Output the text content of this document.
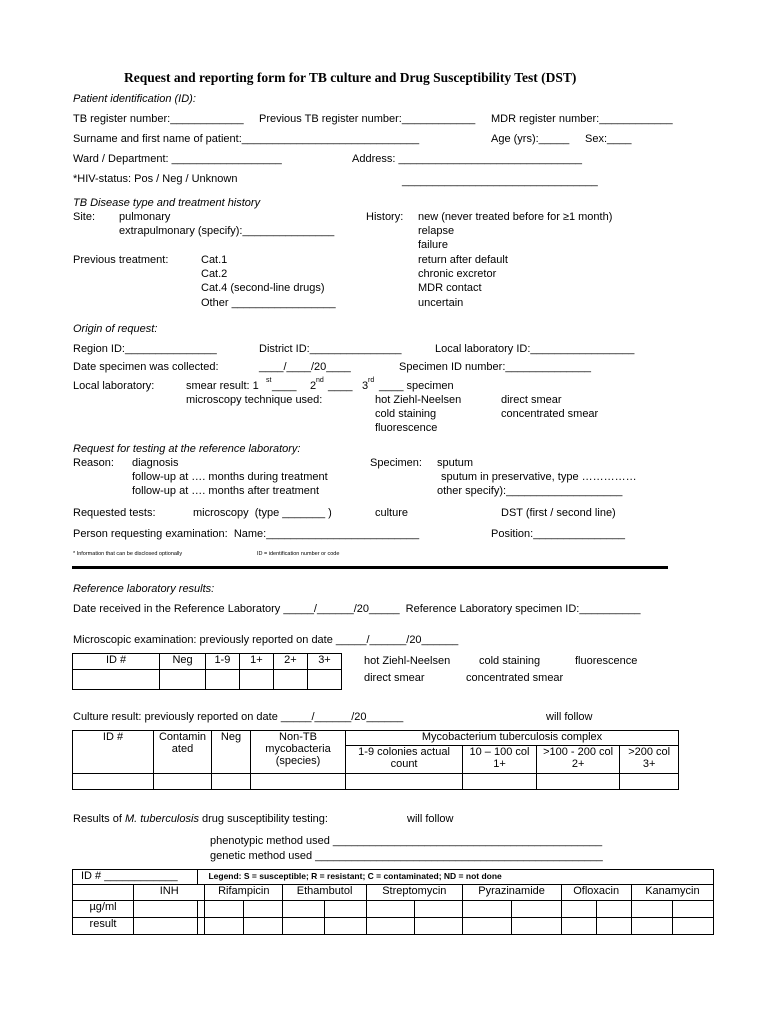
Request and reporting form for TB culture and Drug Susceptibility Test (DST)
Patient identification (ID):
TB register number:____________ Previous TB register number:____________ MDR register number:____________
Surname and first name of patient:_____________________________	Age (yrs):_____ Sex:____
Ward / Department: __________________	Address: ______________________________
*HIV-status: Pos / Neg / Unknown	________________________________
TB Disease type and treatment history
Site: pulmonary
extrapulmonary (specify):_______________
History: new (never treated before for ≥1 month)
relapse
failure
return after default
chronic excretor
MDR contact
uncertain
Previous treatment:	Cat.1
Cat.2
Cat.4 (second-line drugs)
Other _________________
Origin of request:
Region ID:_______________	District ID:_______________	Local laboratory ID:_________________
Date specimen was collected:	____/____/20____	Specimen ID number:______________
Local laboratory:	smear result: 1 st ____ 2 nd ____ 3 rd ____ specimen
microscopy technique used:	hot Ziehl-Neelsen
cold staining
fluorescence
direct smear
concentrated smear
Request for testing at the reference laboratory:
Reason: diagnosis
follow-up at …. months during treatment
follow-up at …. months after treatment
Specimen: sputum
sputum in preservative, type ……………
other specify):___________________
Requested tests:	microscopy  (type _______ )	culture	DST (first / second line)
Person requesting examination:  Name:_________________________	Position:_______________
* Information that can be disclosed optionally	ID = identification number or code
Reference laboratory results:
Date received in the Reference Laboratory _____/______/20_____  Reference Laboratory specimen ID:__________
Microscopic examination: previously reported on date _____/______/20______
ID #	Neg	1-9	1+	2+	3+
						hot Ziehl-Neelsen	cold staining	fluorescence
direct smear	concentrated smear
Culture result: previously reported on date _____/______/20______	will follow
ID #	Contamin ated	Neg	Non-TB mycobacteria (species)	Mycobacterium tuberculosis complex			
				1-9 colonies actual count	10 – 100 col 1+	>100 - 200 col 2+	>200 col 3+

Results of M. tuberculosis drug susceptibility testing:	will follow
phenotypic method used ____________________________________________
genetic method used _______________________________________________
ID # ____________		Legend: S = susceptible; R = resistant; C = contaminated; ND = not done												
	INH		Rifampicin		Ethambutol		Streptomycin		Pyrazinamide		Ofloxacin		Kanamycin	
µg/ml														
result														
